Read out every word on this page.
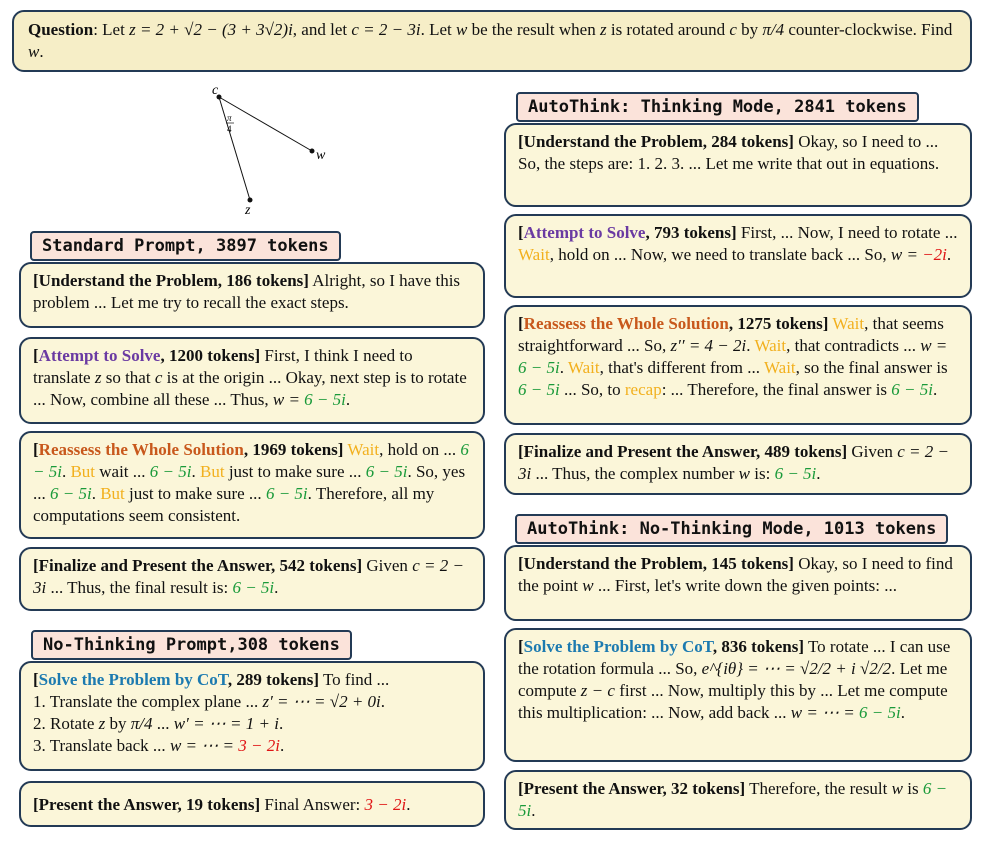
Question: Let z = 2 + √2 − (3 + 3√2)i, and let c = 2 − 3i. Let w be the result when z is rotated around c by π/4 counter-clockwise. Find w.
c
w
z
π
4
Standard Prompt, 3897 tokens
[Understand the Problem, 186 tokens] Alright, so I have this problem ... Let me try to recall the exact steps.
[Attempt to Solve, 1200 tokens] First, I think I need to translate z so that c is at the origin ... Okay, next step is to rotate ... Now, combine all these ... Thus, w = 6 − 5i.
[Reassess the Whole Solution, 1969 tokens] Wait, hold on ... 6 − 5i. But wait ... 6 − 5i. But just to make sure ... 6 − 5i. So, yes ... 6 − 5i. But just to make sure ... 6 − 5i. Therefore, all my computations seem consistent.
[Finalize and Present the Answer, 542 tokens] Given c = 2 − 3i ... Thus, the final result is: 6 − 5i.
No-Thinking Prompt,308 tokens
[Solve the Problem by CoT, 289 tokens] To find ...
1. Translate the complex plane ... z′ = ⋯ = √2 + 0i.
2. Rotate z by π/4 ... w′ = ⋯ = 1 + i.
3. Translate back ... w = ⋯ = 3 − 2i.
[Present the Answer, 19 tokens] Final Answer: 3 − 2i.
AutoThink: Thinking Mode, 2841 tokens
[Understand the Problem, 284 tokens] Okay, so I need to ... So, the steps are: 1. 2. 3. ... Let me write that out in equations.
[Attempt to Solve, 793 tokens] First, ... Now, I need to rotate ... Wait, hold on ... Now, we need to translate back ... So, w = −2i.
[Reassess the Whole Solution, 1275 tokens] Wait, that seems straightforward ... So, z′′ = 4 − 2i. Wait, that contradicts ... w = 6 − 5i. Wait, that's different from ... Wait, so the final answer is 6 − 5i ... So, to recap: ... Therefore, the final answer is 6 − 5i.
[Finalize and Present the Answer, 489 tokens] Given c = 2 − 3i ... Thus, the complex number w is: 6 − 5i.
AutoThink: No-Thinking Mode, 1013 tokens
[Understand the Problem, 145 tokens] Okay, so I need to find the point w ... First, let's write down the given points: ...
[Solve the Problem by CoT, 836 tokens] To rotate ... I can use the rotation formula ... So, e^{iθ} = ⋯ = √2/2 + i √2/2. Let me compute z − c first ... Now, multiply this by ... Let me compute this multiplication: ... Now, add back ... w = ⋯ = 6 − 5i.
[Present the Answer, 32 tokens] Therefore, the result w is 6 − 5i.
